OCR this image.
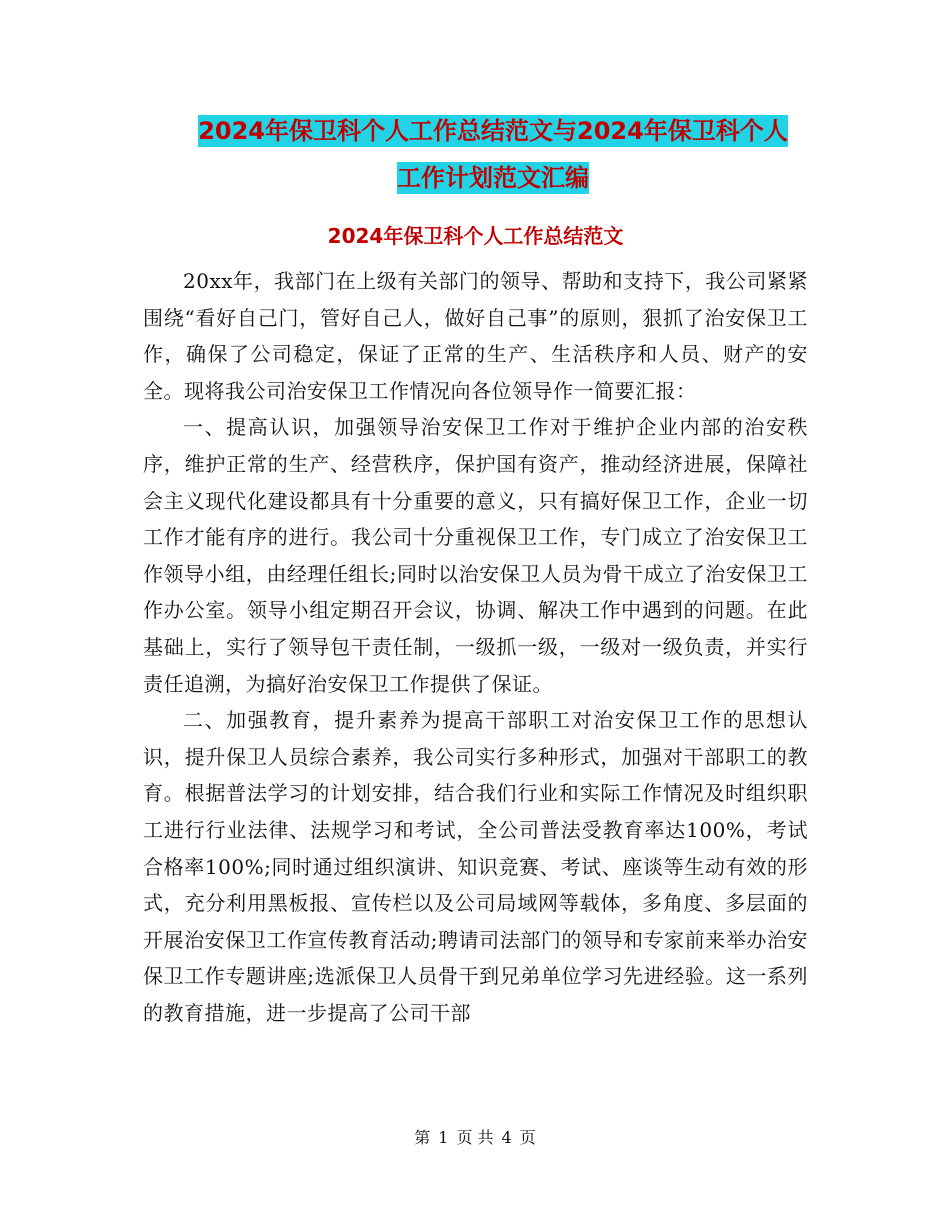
2024年保卫科个人工作总结范文与2024年保卫科个人
工作计划范文汇编
2024年保卫科个人工作总结范文

20xx年，我部门在上级有关部门的领导、帮助和支持下，我公司紧紧围绕“看好自己门，管好自己人，做好自己事”的原则，狠抓了治安保卫工作，确保了公司稳定，保证了正常的生产、生活秩序和人员、财产的安全。现将我公司治安保卫工作情况向各位领导作一简要汇报：

一、提高认识，加强领导治安保卫工作对于维护企业内部的治安秩序，维护正常的生产、经营秩序，保护国有资产，推动经济进展，保障社会主义现代化建设都具有十分重要的意义，只有搞好保卫工作，企业一切工作才能有序的进行。我公司十分重视保卫工作，专门成立了治安保卫工作领导小组，由经理任组长;同时以治安保卫人员为骨干成立了治安保卫工作办公室。领导小组定期召开会议，协调、解决工作中遇到的问题。在此基础上，实行了领导包干责任制，一级抓一级，一级对一级负责，并实行责任追溯，为搞好治安保卫工作提供了保证。

二、加强教育，提升素养为提高干部职工对治安保卫工作的思想认识，提升保卫人员综合素养，我公司实行多种形式，加强对干部职工的教育。根据普法学习的计划安排，结合我们行业和实际工作情况及时组织职工进行行业法律、法规学习和考试，全公司普法受教育率达100%，考试合格率100%;同时通过组织演讲、知识竞赛、考试、座谈等生动有效的形式，充分利用黑板报、宣传栏以及公司局域网等载体，多角度、多层面的开展治安保卫工作宣传教育活动;聘请司法部门的领导和专家前来举办治安保卫工作专题讲座;选派保卫人员骨干到兄弟单位学习先进经验。这一系列的教育措施，进一步提高了公司干部

第 1 页 共 4 页
